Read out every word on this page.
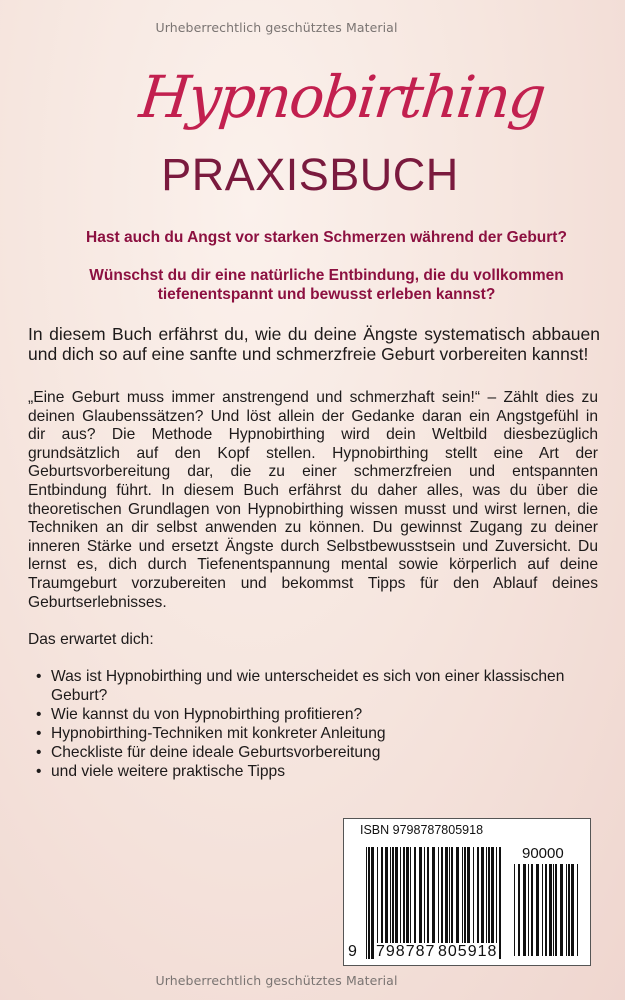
Urheberrechtlich geschütztes Material
Hypnobirthing
PRAXISBUCH
Hast auch du Angst vor starken Schmerzen während der Geburt?
Wünschst du dir eine natürliche Entbindung, die du vollkommen
tiefenentspannt und bewusst erleben kannst?
In diesem Buch erfährst du, wie du deine Ängste systematisch abbauen
und dich so auf eine sanfte und schmerzfreie Geburt vorbereiten kannst!
„Eine Geburt muss immer anstrengend und schmerzhaft sein!“ – Zählt dies zu
deinen Glaubenssätzen? Und löst allein der Gedanke daran ein Angstgefühl in
dir aus? Die Methode Hypnobirthing wird dein Weltbild diesbezüglich
grundsätzlich auf den Kopf stellen. Hypnobirthing stellt eine Art der
Geburtsvorbereitung dar, die zu einer schmerzfreien und entspannten
Entbindung führt. In diesem Buch erfährst du daher alles, was du über die
theoretischen Grundlagen von Hypnobirthing wissen musst und wirst lernen, die
Techniken an dir selbst anwenden zu können. Du gewinnst Zugang zu deiner
inneren Stärke und ersetzt Ängste durch Selbstbewusstsein und Zuversicht. Du
lernst es, dich durch Tiefenentspannung mental sowie körperlich auf deine
Traumgeburt vorzubereiten und bekommst Tipps für den Ablauf deines
Geburtserlebnisses.
Das erwartet dich:
• Was ist Hypnobirthing und wie unterscheidet es sich von einer klassischen
Geburt?
• Wie kannst du von Hypnobirthing profitieren?
• Hypnobirthing-Techniken mit konkreter Anleitung
• Checkliste für deine ideale Geburtsvorbereitung
• und viele weitere praktische Tipps
ISBN 9798787805918
90000
9 798787 805918
Urheberrechtlich geschütztes Material
